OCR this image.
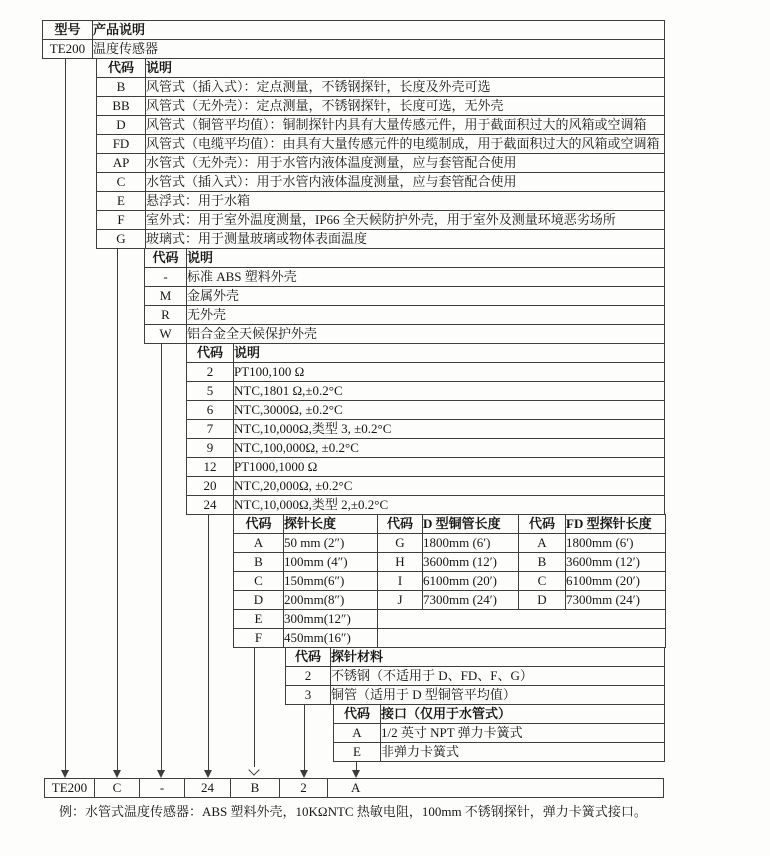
型号	产品说明
TE200	温度传感器
代码	说明
B	风管式（插入式）：定点测量，不锈钢探针，长度及外壳可选
BB	风管式（无外壳）：定点测量，不锈钢探针，长度可选，无外壳
D	风管式（铜管平均值）：铜制探针内具有大量传感元件，用于截面积过大的风箱或空调箱
FD	风管式（电缆平均值）：由具有大量传感元件的电缆制成，用于截面积过大的风箱或空调箱
AP	水管式（无外壳）：用于水管内液体温度测量，应与套管配合使用
C	水管式（插入式）：用于水管内液体温度测量，应与套管配合使用
E	悬浮式：用于水箱
F	室外式：用于室外温度测量，IP66 全天候防护外壳，用于室外及测量环境恶劣场所
G	玻璃式：用于测量玻璃或物体表面温度
代码	说明
-	标准 ABS 塑料外壳
M	金属外壳
R	无外壳
W	铝合金全天候保护外壳
代码	说明
2	PT100,100 Ω
5	NTC,1801 Ω,±0.2°C
6	NTC,3000Ω, ±0.2°C
7	NTC,10,000Ω,类型 3, ±0.2°C
9	NTC,100,000Ω, ±0.2°C
12	PT1000,1000 Ω
20	NTC,20,000Ω, ±0.2°C
24	NTC,10,000Ω,类型 2,±0.2°C
代码	探针长度	代码	D 型铜管长度	代码	FD 型探针长度
A	50 mm (2″)	G	1800mm (6′)	A	1800mm (6′)
B	100mm (4″)	H	3600mm (12′)	B	3600mm (12′)
C	150mm(6″)	I	6100mm (20′)	C	6100mm (20′)
D	200mm(8″)	J	7300mm (24′)	D	7300mm (24′)
E	300mm(12″)				
F	450mm(16″)				
代码	探针材料
2	不锈钢（不适用于 D、FD、F、G）
3	铜管（适用于 D 型铜管平均值）
代码	接口（仅用于水管式）
A	1/2 英寸 NPT 弹力卡簧式
E	非弹力卡簧式
TE200	C	-	24	B	2	A
例：水管式温度传感器：ABS 塑料外壳，10KΩNTC 热敏电阻，100mm 不锈钢探针，弹力卡簧式接口。
